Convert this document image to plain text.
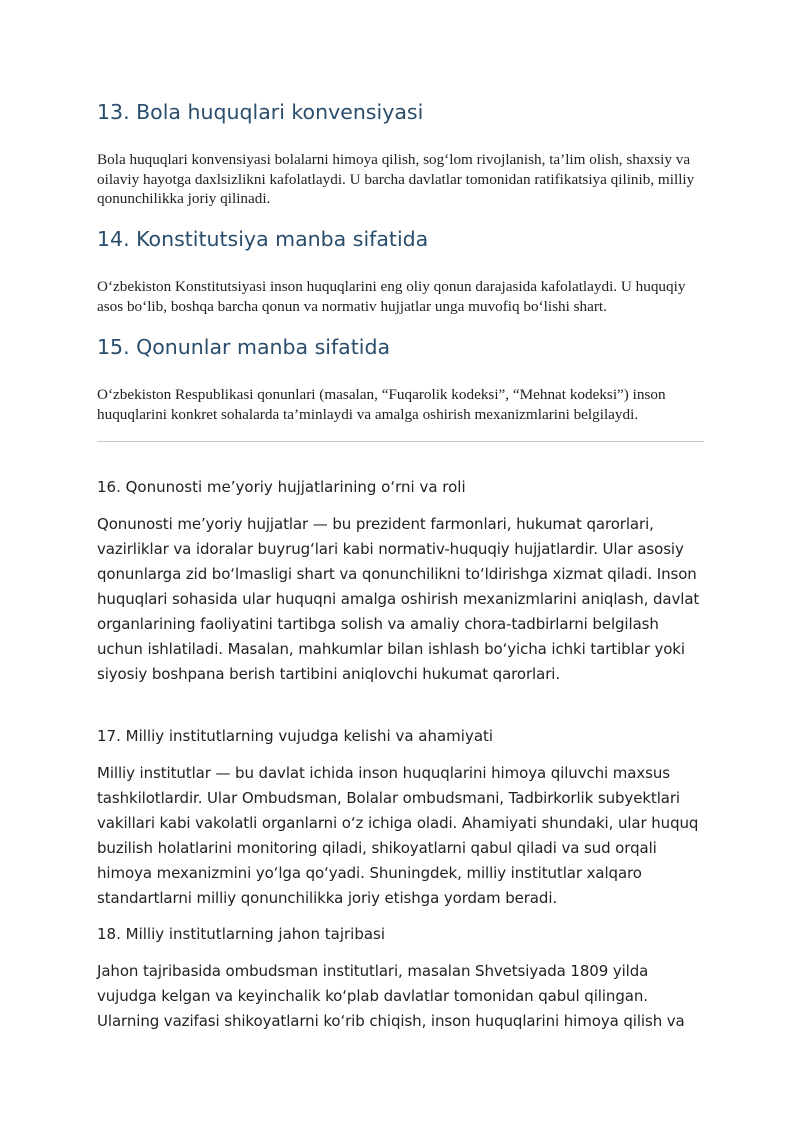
13. Bola huquqlari konvensiyasi

Bola huquqlari konvensiyasi bolalarni himoya qilish, sog‘lom rivojlanish, ta’lim olish, shaxsiy va oilaviy hayotga daxlsizlikni kafolatlaydi. U barcha davlatlar tomonidan ratifikatsiya qilinib, milliy qonunchilikka joriy qilinadi.

14. Konstitutsiya manba sifatida

O‘zbekiston Konstitutsiyasi inson huquqlarini eng oliy qonun darajasida kafolatlaydi. U huquqiy asos bo‘lib, boshqa barcha qonun va normativ hujjatlar unga muvofiq bo‘lishi shart.

15. Qonunlar manba sifatida

O‘zbekiston Respublikasi qonunlari (masalan, “Fuqarolik kodeksi”, “Mehnat kodeksi”) inson huquqlarini konkret sohalarda ta’minlaydi va amalga oshirish mexanizmlarini belgilaydi.

16. Qonunosti me’yoriy hujjatlarining o‘rni va roli

Qonunosti me’yoriy hujjatlar — bu prezident farmonlari, hukumat qarorlari, vazirliklar va idoralar buyrug‘lari kabi normativ-huquqiy hujjatlardir. Ular asosiy qonunlarga zid bo‘lmasligi shart va qonunchilikni to‘ldirishga xizmat qiladi. Inson huquqlari sohasida ular huquqni amalga oshirish mexanizmlarini aniqlash, davlat organlarining faoliyatini tartibga solish va amaliy chora-tadbirlarni belgilash uchun ishlatiladi. Masalan, mahkumlar bilan ishlash bo‘yicha ichki tartiblar yoki siyosiy boshpana berish tartibini aniqlovchi hukumat qarorlari.

17. Milliy institutlarning vujudga kelishi va ahamiyati

Milliy institutlar — bu davlat ichida inson huquqlarini himoya qiluvchi maxsus tashkilotlardir. Ular Ombudsman, Bolalar ombudsmani, Tadbirkorlik subyektlari vakillari kabi vakolatli organlarni o‘z ichiga oladi. Ahamiyati shundaki, ular huquq buzilish holatlarini monitoring qiladi, shikoyatlarni qabul qiladi va sud orqali himoya mexanizmini yo‘lga qo‘yadi. Shuningdek, milliy institutlar xalqaro standartlarni milliy qonunchilikka joriy etishga yordam beradi.

18. Milliy institutlarning jahon tajribasi

Jahon tajribasida ombudsman institutlari, masalan Shvetsiyada 1809 yilda vujudga kelgan va keyinchalik ko‘plab davlatlar tomonidan qabul qilingan. Ularning vazifasi shikoyatlarni ko‘rib chiqish, inson huquqlarini himoya qilish va
